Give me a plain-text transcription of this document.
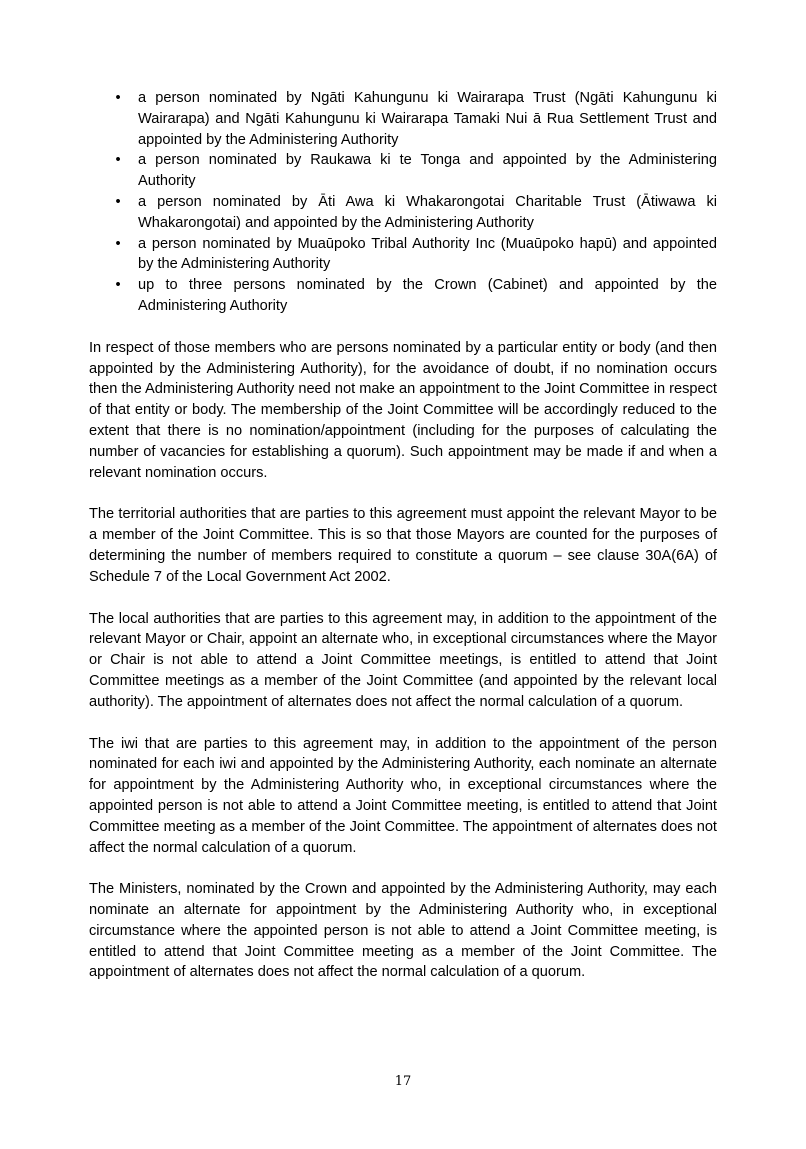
• a person nominated by Ngāti Kahungunu ki Wairarapa Trust (Ngāti Kahungunu ki Wairarapa) and Ngāti Kahungunu ki Wairarapa Tamaki Nui ā Rua Settlement Trust and appointed by the Administering Authority
• a person nominated by Raukawa ki te Tonga and appointed by the Administering Authority
• a person nominated by Āti Awa ki Whakarongotai Charitable Trust (Ātiwawa ki Whakarongotai) and appointed by the Administering Authority
• a person nominated by Muaūpoko Tribal Authority Inc (Muaūpoko hapū) and appointed by the Administering Authority
• up to three persons nominated by the Crown (Cabinet) and appointed by the Administering Authority

In respect of those members who are persons nominated by a particular entity or body (and then appointed by the Administering Authority), for the avoidance of doubt, if no nomination occurs then the Administering Authority need not make an appointment to the Joint Committee in respect of that entity or body. The membership of the Joint Committee will be accordingly reduced to the extent that there is no nomination/appointment (including for the purposes of calculating the number of vacancies for establishing a quorum). Such appointment may be made if and when a relevant nomination occurs.

The territorial authorities that are parties to this agreement must appoint the relevant Mayor to be a member of the Joint Committee. This is so that those Mayors are counted for the purposes of determining the number of members required to constitute a quorum – see clause 30A(6A) of Schedule 7 of the Local Government Act 2002.

The local authorities that are parties to this agreement may, in addition to the appointment of the relevant Mayor or Chair, appoint an alternate who, in exceptional circumstances where the Mayor or Chair is not able to attend a Joint Committee meetings, is entitled to attend that Joint Committee meetings as a member of the Joint Committee (and appointed by the relevant local authority). The appointment of alternates does not affect the normal calculation of a quorum.

The iwi that are parties to this agreement may, in addition to the appointment of the person nominated for each iwi and appointed by the Administering Authority, each nominate an alternate for appointment by the Administering Authority who, in exceptional circumstances where the appointed person is not able to attend a Joint Committee meeting, is entitled to attend that Joint Committee meeting as a member of the Joint Committee. The appointment of alternates does not affect the normal calculation of a quorum.

The Ministers, nominated by the Crown and appointed by the Administering Authority, may each nominate an alternate for appointment by the Administering Authority who, in exceptional circumstance where the appointed person is not able to attend a Joint Committee meeting, is entitled to attend that Joint Committee meeting as a member of the Joint Committee. The appointment of alternates does not affect the normal calculation of a quorum.

17
